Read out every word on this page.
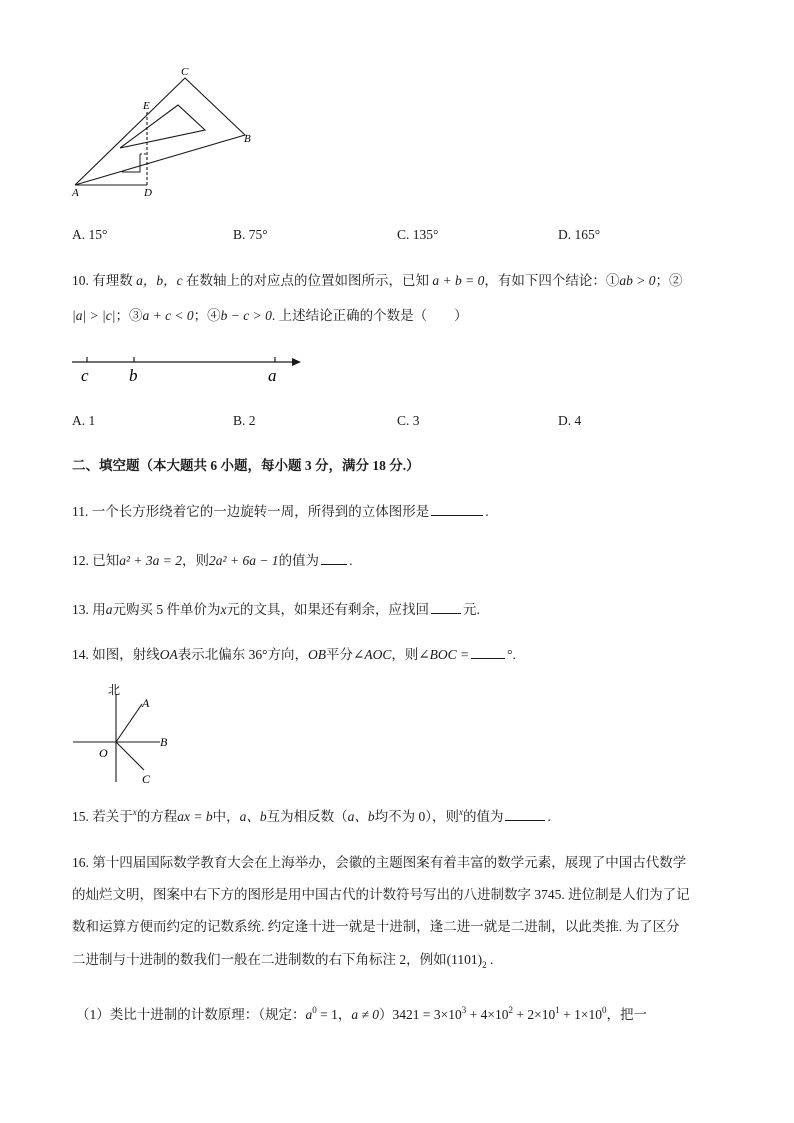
C
E
B
A	D
A. 15°	B. 75°	C. 135°	D. 165°
10. 有理数 a，b，c 在数轴上的对应点的位置如图所示，已知 a + b = 0，有如下四个结论：①ab > 0；②
|a| > |c|；③a + c < 0；④b − c > 0. 上述结论正确的个数是（　　）
c b	a
A. 1	B. 2	C. 3	D. 4
二、填空题（本大题共 6 小题，每小题 3 分，满分 18 分.）
11. 一个长方形绕着它的一边旋转一周，所得到的立体图形是	.
12. 已知a² + 3a = 2，则2a² + 6a − 1的值为 .
13. 用a元购买 5 件单价为x元的文具，如果还有剩余，应找回	元.
14. 如图，射线OA表示北偏东 36°方向，OB平分∠AOC，则∠BOC =	°.
北
A
B
O
C
15. 若关于$^x$的方程ax = b中，a、b互为相反数（a、b均不为 0），则$^x$的值为	.
16. 第十四届国际数学教育大会在上海举办，会徽的主题图案有着丰富的数学元素，展现了中国古代数学
的灿烂文明，图案中右下方的图形是用中国古代的计数符号写出的八进制数字 3745. 进位制是人们为了记
数和运算方便而约定的记数系统. 约定逢十进一就是十进制，逢二进一就是二进制，以此类推. 为了区分
二进制与十进制的数我们一般在二进制数的右下角标注 2，例如$(1101)_2$ .
（1）类比十进制的计数原理：（规定：$a^0 = 1$，$a \ne 0)3421 = 3\times 10^3 + 4\times 10^2 + 2\times 10^1 + 1\times 10^0$，把一
